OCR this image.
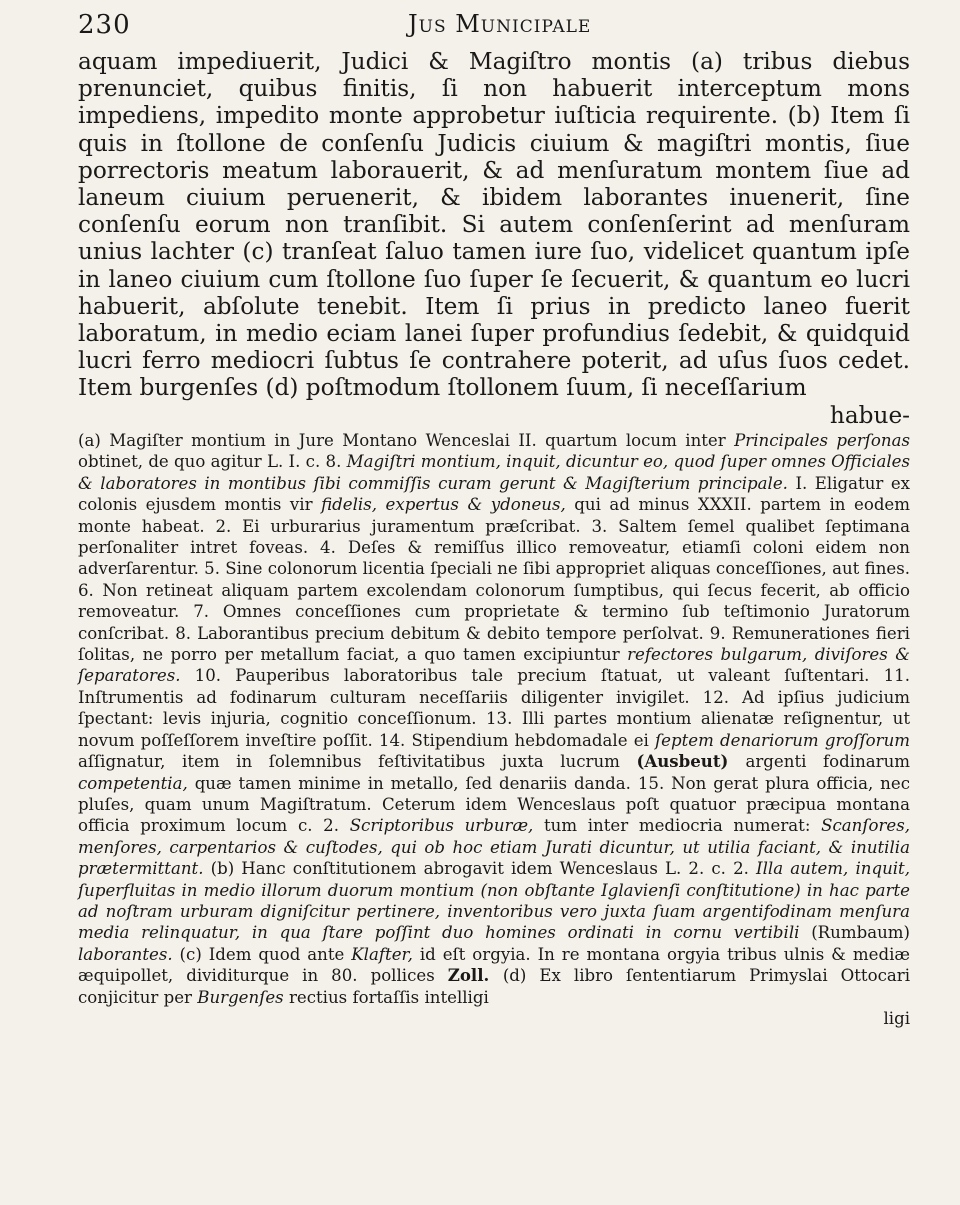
230	Jus Municipale

aquam impediuerit, Judici & Magiſtro montis (a) tribus diebus prenunciet, quibus finitis, ſi non habuerit interceptum mons impediens, impedito monte approbetur iuſticia requirente. (b) Item ſi quis in ſtollone de conſenſu Judicis ciuium & magiſtri montis, ſiue porrectoris meatum laborauerit, & ad menſuratum montem ſiue ad laneum ciuium peruenerit, & ibidem laborantes inuenerit, ſine conſenſu eorum non tranſibit. Si autem conſenſerint ad menſuram unius lachter (c) tranſeat ſaluo tamen iure ſuo, videlicet quantum ipſe in laneo ciuium cum ſtollone ſuo ſuper ſe ſecuerit, & quantum eo lucri habuerit, abſolute tenebit. Item ſi prius in predicto laneo fuerit laboratum, in medio eciam lanei ſuper profundius ſedebit, & quidquid lucri ferro mediocri ſubtus ſe contrahere poterit, ad uſus ſuos cedet. Item burgenſes (d) poſtmodum ſtollonem ſuum, ſi neceſſarium
habue-

(a) Magiſter montium in Jure Montano Wenceslai II. quartum locum inter Principales perſonas obtinet, de quo agitur L. I. c. 8. Magiſtri montium, inquit, dicuntur eo, quod ſuper omnes Officiales & laboratores in montibus ſibi commiſſis curam gerunt & Magiſterium principale. I. Eligatur ex colonis ejusdem montis vir fidelis, expertus & ydoneus, qui ad minus XXXII. partem in eodem monte habeat. 2. Ei urburarius juramentum præſcribat. 3. Saltem ſemel qualibet ſeptimana perſonaliter intret foveas. 4. Deſes & remiſſus illico removeatur, etiamſi coloni eidem non adverſarentur. 5. Sine colonorum licentia ſpeciali ne ſibi appropriet aliquas conceſſiones, aut fines. 6. Non retineat aliquam partem excolendam colonorum ſumptibus, qui ſecus fecerit, ab officio removeatur. 7. Omnes conceſſiones cum proprietate & termino ſub teſtimonio Juratorum conſcribat. 8. Laborantibus precium debitum & debito tempore perſolvat. 9. Remunerationes fieri ſolitas, ne porro per metallum faciat, a quo tamen excipiuntur refectores bulgarum, diviſores & ſeparatores. 10. Pauperibus laboratoribus tale precium ſtatuat, ut valeant ſuſtentari. 11. Inſtrumentis ad fodinarum culturam neceſſariis diligenter invigilet. 12. Ad ipſius judicium ſpectant: levis injuria, cognitio conceſſionum. 13. Illi partes montium alienatæ reſignentur, ut novum poſſeſſorem inveſtire poſſit. 14. Stipendium hebdomadale ei ſeptem denariorum groſſorum aſſignatur, item in ſolemnibus feſtivitatibus juxta lucrum (Ausbeut) argenti fodinarum competentia, quæ tamen minime in metallo, ſed denariis danda. 15. Non gerat plura officia, nec pluſes, quam unum Magiſtratum. Ceterum idem Wenceslaus poſt quatuor præcipua montana officia proximum locum c. 2. Scriptoribus urburæ, tum inter mediocria numerat: Scanſores, menſores, carpentarios & cuſtodes, qui ob hoc etiam Jurati dicuntur, ut utilia faciant, & inutilia prætermittant. (b) Hanc conſtitutionem abrogavit idem Wenceslaus L. 2. c. 2. Illa autem, inquit, ſuperfluitas in medio illorum duorum montium (non obſtante Iglavienſi conſtitutione) in hac parte ad noſtram urburam digniſcitur pertinere, inventoribus vero juxta ſuam argentifodinam menſura media relinquatur, in qua ſtare poſſint duo homines ordinati in cornu vertibili (Rumbaum) laborantes. (c) Idem quod ante Klafter, id eſt orgyia. In re montana orgyia tribus ulnis & mediæ æquipollet, dividiturque in 80. pollices Zoll. (d) Ex libro ſententiarum Primyslai Ottocari conjicitur per Burgenſes rectius fortaſſis intelligi
ligi
